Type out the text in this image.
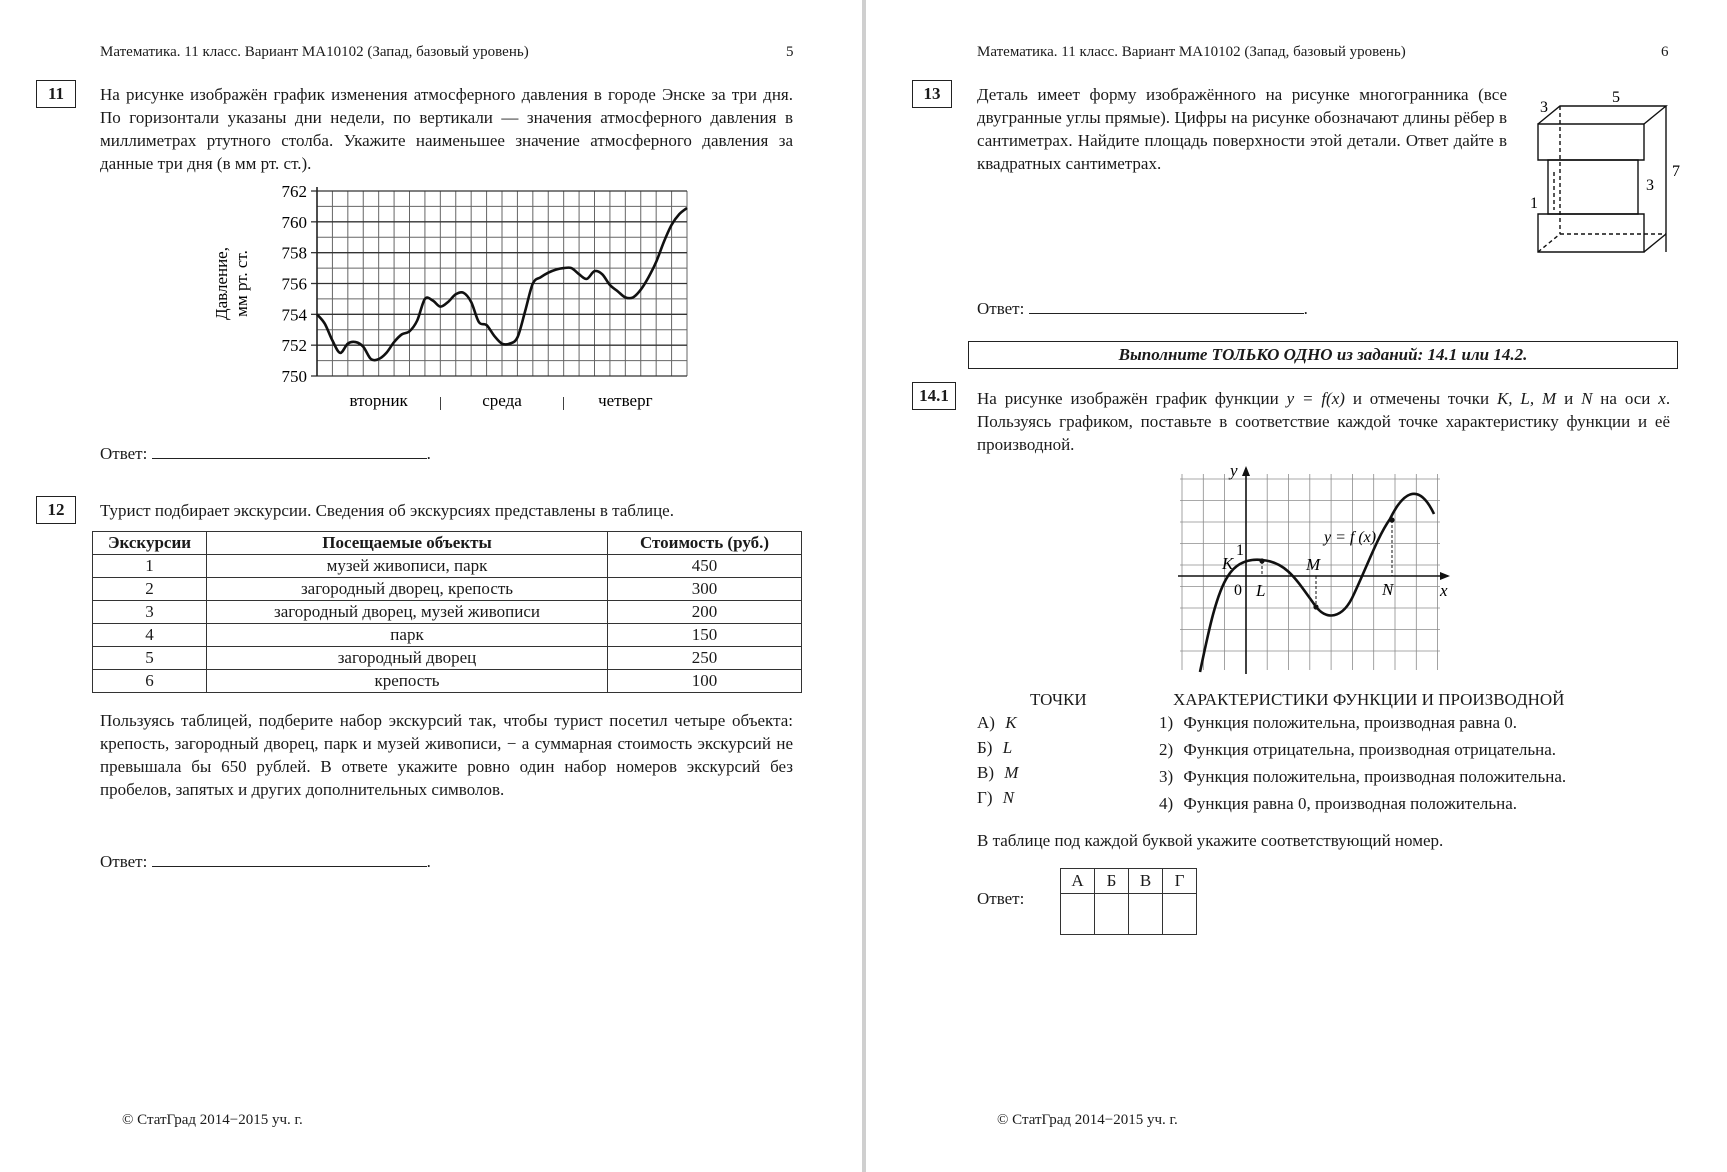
Математика. 11 класс. Вариант МА10102 (Запад, базовый уровень)	5
11	На рисунке изображён график изменения атмосферного давления в городе Энске за три дня. По горизонтали указаны дни недели, по вертикали — значения атмосферного давления в миллиметрах ртутного столба. Укажите наименьшее значение атмосферного давления за данные три дня (в мм рт. ст.).
762
760
758
756
754
752
750
Давление, мм рт. ст.
вторник	среда	четверг
|	|
Ответ:	.
12	Турист подбирает экскурсии. Сведения об экскурсиях представлены в таблице.
Экскурсии	Посещаемые объекты	Стоимость (руб.)
1	музей живописи, парк	450
2	загородный дворец, крепость	300
3	загородный дворец, музей живописи	200
4	парк	150
5	загородный дворец	250
6	крепость	100
Пользуясь таблицей, подберите набор экскурсий так, чтобы турист посетил четыре объекта: крепость, загородный дворец, парк и музей живописи, − а суммарная стоимость экскурсий не превышала бы 650 рублей. В ответе укажите ровно один набор номеров экскурсий без пробелов, запятых и других дополнительных символов.
Ответ:	.
© СтатГрад 2014−2015 уч. г.
Математика. 11 класс. Вариант МА10102 (Запад, базовый уровень)	6
13	Деталь имеет форму изображённого на рисунке многогранника (все двугранные углы прямые). Цифры на рисунке обозначают длины рёбер в сантиметрах. Найдите площадь поверхности этой детали. Ответ дайте в квадратных сантиметрах.
3
5
7
3
1
Ответ:	.
Выполните ТОЛЬКО ОДНО из заданий: 14.1 или 14.2.
14.1	На рисунке изображён график функции y = f(x) и отмечены точки K, L, M и N на оси x. Пользуясь графиком, поставьте в соответствие каждой точке характеристику функции и её производной.
y
x
0
1
K
L
M
N
y = f (x)
ТОЧКИ	ХАРАКТЕРИСТИКИ ФУНКЦИИ И ПРОИЗВОДНОЙ
А) K
Б) L
В) M
Г) N
1) Функция положительна, производная равна 0.
2) Функция отрицательна, производная отрицательна.
3) Функция положительна, производная положительна.
4) Функция равна 0, производная положительна.
В таблице под каждой буквой укажите соответствующий номер.
Ответ:
А	Б	В	Г

© СтатГрад 2014−2015 уч. г.
